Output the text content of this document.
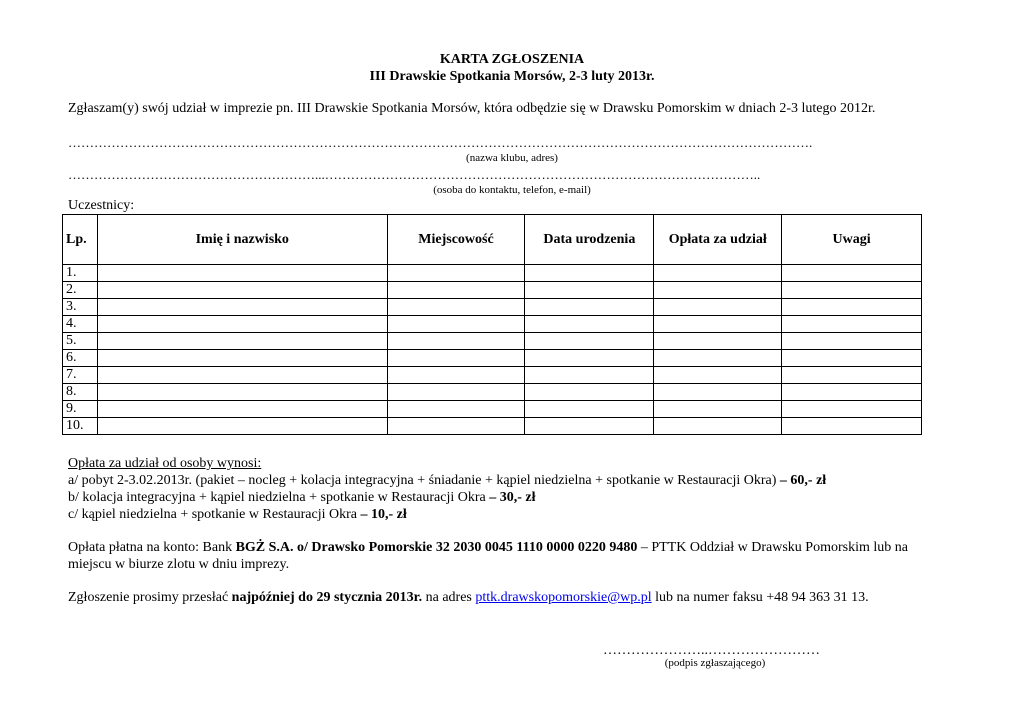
KARTA ZGŁOSZENIA
III Drawskie Spotkania Morsów, 2-3 luty 2013r.
Zgłaszam(y) swój udział w imprezie pn. III Drawskie Spotkania Morsów, która odbędzie się w Drawsku Pomorskim w dniach 2-3 lutego 2012r.
……………………………………………………………………………………………………………………………………………………….
(nazwa klubu, adres)
…………………………………………………...………………………………………………………………………………………..
(osoba do kontaktu, telefon, e-mail)
Uczestnicy:
Lp.	Imię i nazwisko	Miejscowość	Data urodzenia	Opłata za udział	Uwagi
1.					
2.					
3.					
4.					
5.					
6.					
7.					
8.					
9.					
10.					
Opłata za udział od osoby wynosi:
a/ pobyt 2-3.02.2013r. (pakiet – nocleg + kolacja integracyjna + śniadanie + kąpiel niedzielna + spotkanie w Restauracji Okra) – 60,- zł
b/ kolacja integracyjna + kąpiel niedzielna + spotkanie w Restauracji Okra – 30,- zł
c/ kąpiel niedzielna + spotkanie w Restauracji Okra – 10,- zł
Opłata płatna na konto: Bank BGŻ S.A. o/ Drawsko Pomorskie 32 2030 0045 1110 0000 0220 9480 – PTTK Oddział w Drawsku Pomorskim lub na
miejscu w biurze zlotu w dniu imprezy.
Zgłoszenie prosimy przesłać najpóźniej do 29 stycznia 2013r. na adres pttk.drawskopomorskie@wp.pl lub na numer faksu +48 94 363 31 13.
…………………..……………………
(podpis zgłaszającego)
